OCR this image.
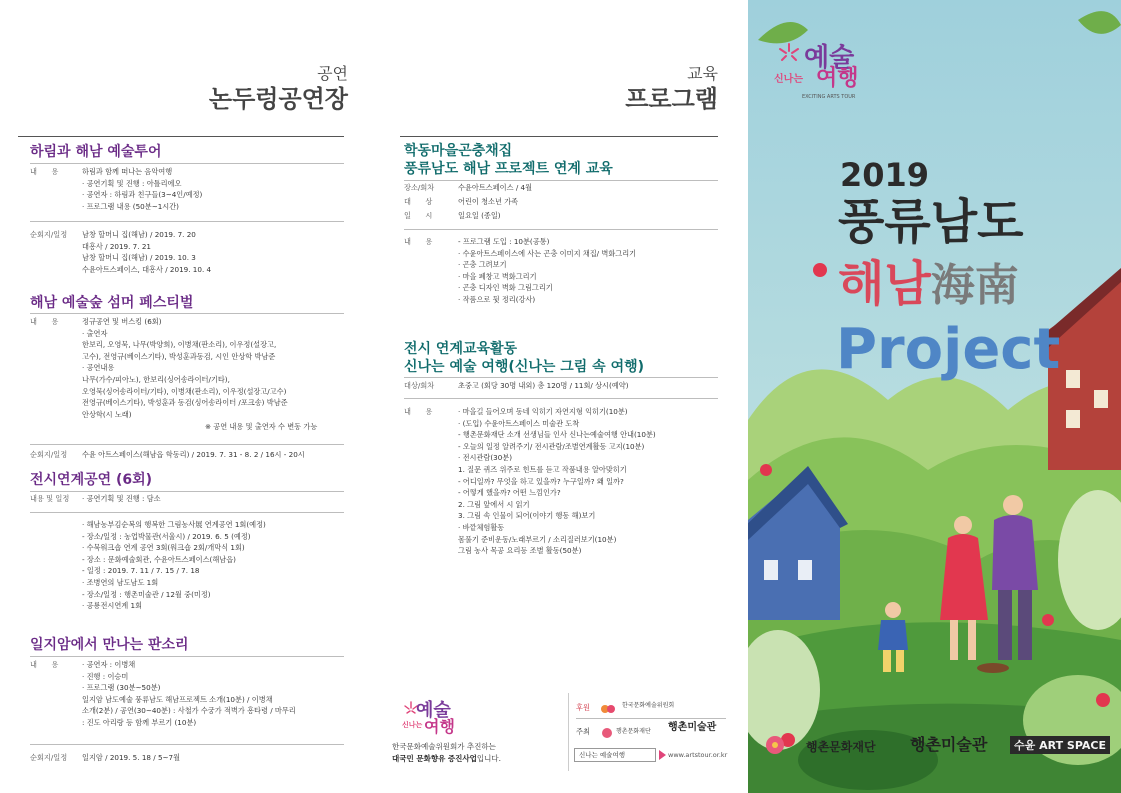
공연
논두렁공연장
하림과 해남 예술투어
내　　용	하림과 함께 떠나는 음악여행
· 공연기획 및 진행 : 아틀리에오
· 공연자 : 하림과 친구들(3~4인/예정)
· 프로그램 내용 (50분~1시간)
순회지/일정 남창 할머니 집(해남) / 2019. 7. 20
대흥사 / 2019. 7. 21
남창 할머니 집(해남) / 2019. 10. 3
수윤아트스페이스, 대흥사 / 2019. 10. 4
해남 예술숲 섬머 페스티벌
내　　용	정규공연 및 버스킹 (6회)
· 출연자
한보리, 오영묵, 나무(박양희), 이병채(판소리), 이우정(설장고,
고수), 전영규(베이스기타), 박성훈과동검, 시인 안상학 박남준
· 공연내용
나무(가수/피아노), 한보리(싱어송라이터/기타),
오영묵(싱어송라이터/기타), 이병채(판소리), 이우정(설장고/고수)
전영규(베이스기타), 박성훈과 동검(싱어송라이터 /포크송) 박남준
안상학(시 노래)
※ 공연 내용 및 출연자 수 변동 가능
순회지/일정 수윤 아트스페이스(해남읍 학동리) / 2019. 7. 31 - 8. 2 / 16시 - 20시
전시연계공연 (6회)
내용 및 일정 · 공연기획 및 진행 : 담소
· 해남농부김순복의 행복한 그림농사展 연계공연 1회(예정)
- 장소/일정 : 농업박물관(서울시) / 2019. 6. 5 (예정)
· 수묵워크숍 연계 공연 3회(워크숍 2회/개막식 1회)
- 장소 : 문화예술회관, 수윤아트스페이스(해남읍)
- 일정 : 2019. 7. 11 / 7. 15 / 7. 18
· 조병연의 남도남도 1회
- 장소/일정 : 행촌미술관 / 12월 중(미정)
· 공룡전시연계 1회
일지암에서 만나는 판소리
내　　용	· 공연자 : 이병채
· 진행 : 이승미
· 프로그램 (30분~50분)
일지암 남도예술 풍류남도 해남프로젝트 소개(10분) / 이병채
소개(2분) / 공연(30~40분) : 사철가 수궁가 적벽가 흥타령 / 마무리
: 진도 아리랑 등 함께 부르기 (10분)
순회지/일정 일지암 / 2019. 5. 18 / 5~7월
교육
프로그램
학동마을곤충채집
풍류남도 해남 프로젝트 연계 교육
장소/회차	수윤아트스페이스 / 4월
대　　상	어린이 청소년 가족
일　　시	일요일 (종일)
내　　용	- 프로그램 도입 : 10분(공통)
· 수윤아트스페이스에 사는 곤충 이미지 채집/ 벽화그리기
· 곤충 그려보기
· 마을 폐창고 벽화그리기
· 곤충 디자인 벽화 그림그리기
· 작품으로 뒷 정리(강사)
전시 연계교육활동
신나는 예술 여행(신나는 그림 속 여행)
대상/회차	초중고 (회당 30명 내외) 총 120명 / 11회/ 상시(예약)
내　　용	· 마을길 들어오며 동네 익히기 자연지형 익히기(10분)
· (도입) 수윤아트스페이스 미술관 도착
- 행촌문화재단 소개 선생님들 인사 신나는예술여행 안내(10분)
- 오늘의 일정 알려주기/ 전시관람/조별연계활동 고지(10분)
· 전시관람(30분)
1. 질문 퀴즈 위주로 힌트를 듣고 작품내용 알아맞히기
- 어디일까? 무엇을 하고 있을까? 누구일까? 왜 일까?
- 어떻게 했을까? 어떤 느낌인가?
2. 그림 앞에서 시 읽기
3. 그림 속 인물이 되어(이야기 행동 해)보기
· 바깥체험활동
몸풀기 준비운동/노래부르기 / 소리질러보기(10분)
그림 농사 목공 요리등 조별 활동(50분)
신나는
예술
여행
한국문화예술위원회가 추진하는
대국민 문화향유 증진사업입니다.
후원	한국문화예술위원회
주최	행촌문화재단 행촌미술관
신나는 예술여행	www.artstour.or.kr
신나는
예술
여행
EXCITING ARTS TOUR
2019
풍류남도
해남海南
Project
행촌문화재단 행촌미술관	수윤 ART SPACE
